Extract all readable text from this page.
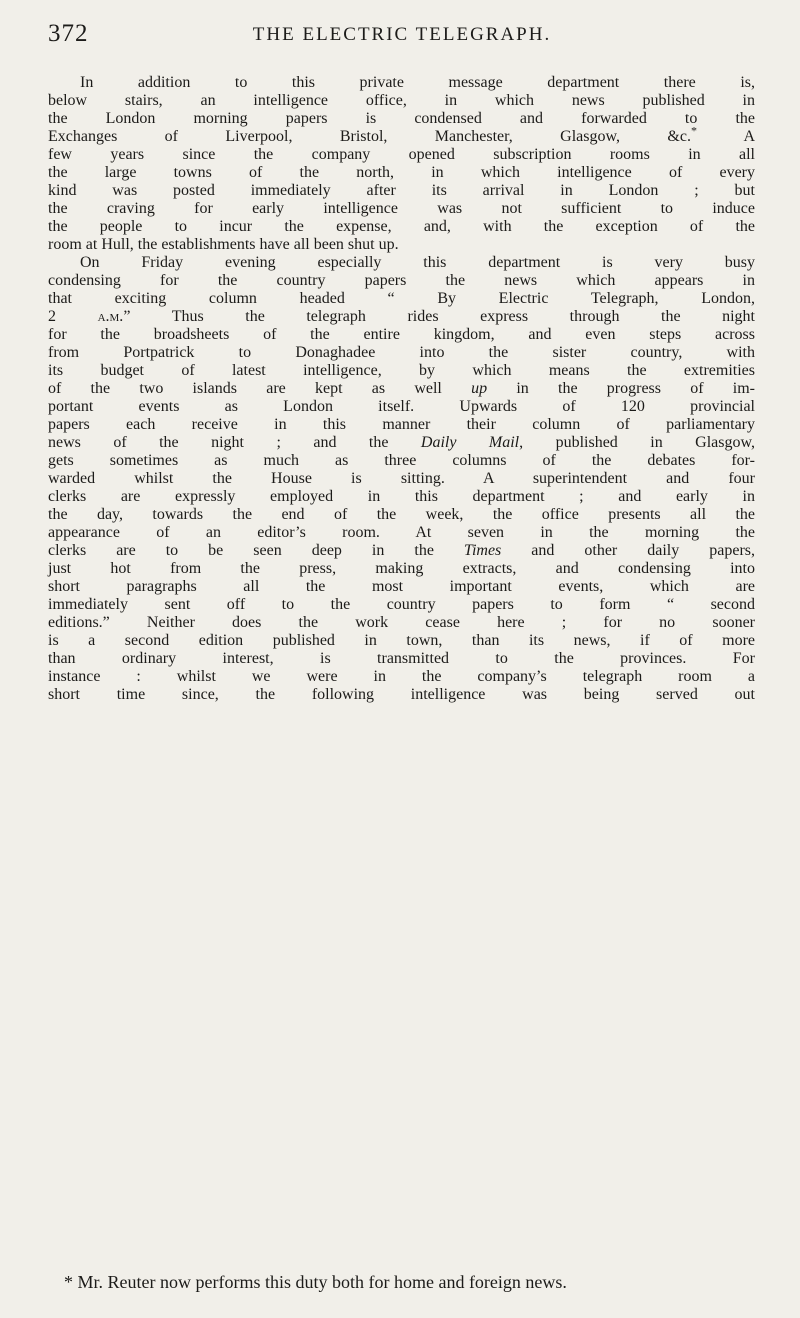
372	THE ELECTRIC TELEGRAPH.
In addition to this private message department there is,
below stairs, an intelligence office, in which news published in
the London morning papers is condensed and forwarded to the
Exchanges of Liverpool, Bristol, Manchester, Glasgow, &c.* A
few years since the company opened subscription rooms in all
the large towns of the north, in which intelligence of every
kind was posted immediately after its arrival in London ; but
the craving for early intelligence was not sufficient to induce
the people to incur the expense, and, with the exception of the
room at Hull, the establishments have all been shut up.
On Friday evening especially this department is very busy
condensing for the country papers the news which appears in
that exciting column headed “ By Electric Telegraph, London,
2 a.m.” Thus the telegraph rides express through the night
for the broadsheets of the entire kingdom, and even steps across
from Portpatrick to Donaghadee into the sister country, with
its budget of latest intelligence, by which means the extremities
of the two islands are kept as well up in the progress of im-
portant events as London itself. Upwards of 120 provincial
papers each receive in this manner their column of parliamentary
news of the night ; and the Daily Mail, published in Glasgow,
gets sometimes as much as three columns of the debates for-
warded whilst the House is sitting. A superintendent and four
clerks are expressly employed in this department ; and early in
the day, towards the end of the week, the office presents all the
appearance of an editor’s room. At seven in the morning the
clerks are to be seen deep in the Times and other daily papers,
just hot from the press, making extracts, and condensing into
short paragraphs all the most important events, which are
immediately sent off to the country papers to form “ second
editions.” Neither does the work cease here ; for no sooner
is a second edition published in town, than its news, if of more
than ordinary interest, is transmitted to the provinces. For
instance : whilst we were in the company’s telegraph room a
short time since, the following intelligence was being served out
* Mr. Reuter now performs this duty both for home and foreign news.
